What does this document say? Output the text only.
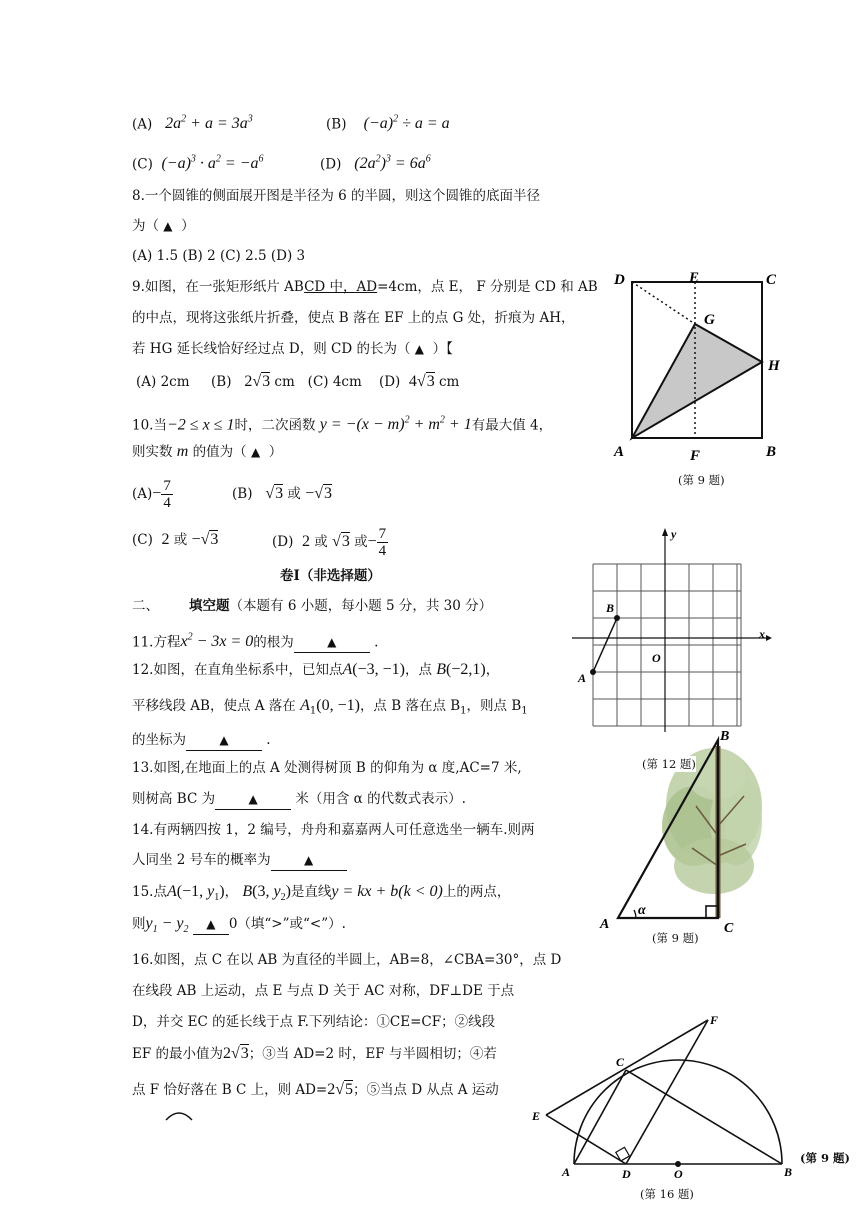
(A) $2a^2 + a = 3a^3$	(B) $(-a)^2 \div a = a$
(C) $(-a)^3 \cdot a^2 = -a^6$	(D) $(2a^2)^3 = 6a^6$
8.一个圆锥的侧面展开图是半径为 6 的半圆，则这个圆锥的底面半径
为（ ▲ ）
(A) 1.5 (B) 2 (C) 2.5 (D) 3
9.如图，在一张矩形纸片 ABCD 中，AD=4cm，点 E， F 分别是 CD 和 AB
的中点，现将这张纸片折叠，使点 B 落在 EF 上的点 G 处，折痕为 AH，
若 HG 延长线恰好经过点 D，则 CD 的长为（ ▲ ）【
(A) 2cm (B) 2√3 cm (C) 4cm (D) 4√3 cm
10.当−2 ≤ x ≤ 1时，二次函数 $y = -(x - m)^2 + m^2 + 1$有最大值 4，
则实数 m 的值为（ ▲ ）
$(A)- \frac{7}{4}$	(B) √3 或 −√3
(C) 2 或 −√3	(D) 2 或 √3 或− $\frac{7}{4}$
卷Ⅰ（非选择题）
二、 填空题（本题有 6 小题，每小题 5 分，共 30 分）
11.方程$x^2 - 3x = 0$的根为	▲	.
12.如图，在直角坐标系中，已知点A(−3, −1)，点 B(−2,1)，
平移线段 AB，使点 A 落在 $A_1(0$, −1)，点 B 落在点 $B_1$，则点 $B_1$
的坐标为	▲	.
13.如图,在地面上的点 A 处测得树顶 B 的仰角为 α 度,AC=7 米,
则树高 BC 为	▲	米（用含 α 的代数式表示）.
14.有两辆四按 1，2 编号，舟舟和嘉嘉两人可任意选坐一辆车.则两
人同坐 2 号车的概率为	▲
15.点A(−1, $y_1$)， B(3, $y_2$)是直线y = kx + b(k < 0)上的两点，
则$y_1 - y_2$ ▲ 0（填“>”或“<”）.
16.如图，点 C 在以 AB 为直径的半圆上，AB=8，∠CBA=30°，点 D
在线段 AB 上运动，点 E 与点 D 关于 AC 对称，DF⊥DE 于点
D，并交 EC 的延长线于点 F.下列结论：①CE=CF；②线段
EF 的最小值为2√3；③当 AD=2 时，EF 与半圆相切；④若
点 F 恰好落在 B C 上，则 AD=2√5；⑤当点 D 从点 A 运动
D	E	C
G
H
A	F	B
(第 9 题)
x
y
O
B
A
α
B
A	C
(第 12 题)
(第 9 题)
F
C
E
A	D	O	B
(第 9 题)
(第 16 题)
